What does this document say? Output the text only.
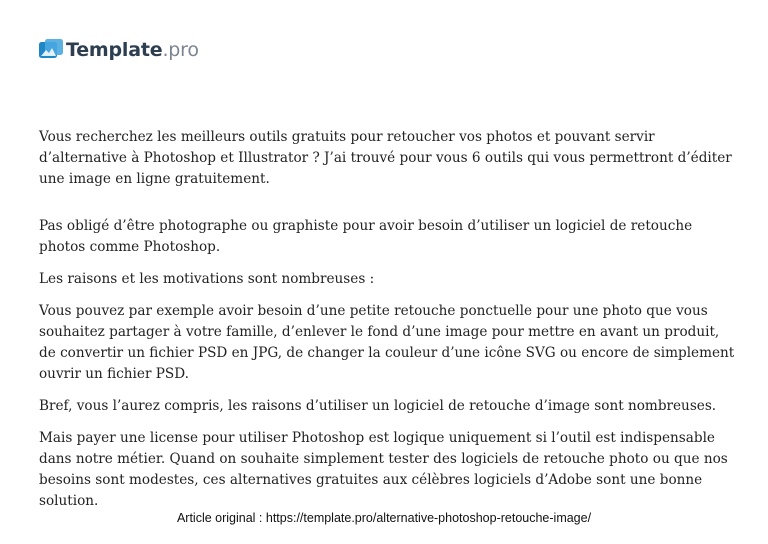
Template.pro

Vous recherchez les meilleurs outils gratuits pour retoucher vos photos et pouvant servir d’alternative à Photoshop et Illustrator ? J’ai trouvé pour vous 6 outils qui vous permettront d’éditer une image en ligne gratuitement.

Pas obligé d’être photographe ou graphiste pour avoir besoin d’utiliser un logiciel de retouche photos comme Photoshop.

Les raisons et les motivations sont nombreuses :

Vous pouvez par exemple avoir besoin d’une petite retouche ponctuelle pour une photo que vous souhaitez partager à votre famille, d’enlever le fond d’une image pour mettre en avant un produit, de convertir un fichier PSD en JPG, de changer la couleur d’une icône SVG ou encore de simplement ouvrir un fichier PSD.

Bref, vous l’aurez compris, les raisons d’utiliser un logiciel de retouche d’image sont nombreuses.

Mais payer une license pour utiliser Photoshop est logique uniquement si l’outil est indispensable dans notre métier. Quand on souhaite simplement tester des logiciels de retouche photo ou que nos besoins sont modestes, ces alternatives gratuites aux célèbres logiciels d’Adobe sont une bonne solution.

Article original : https://template.pro/alternative-photoshop-retouche-image/
